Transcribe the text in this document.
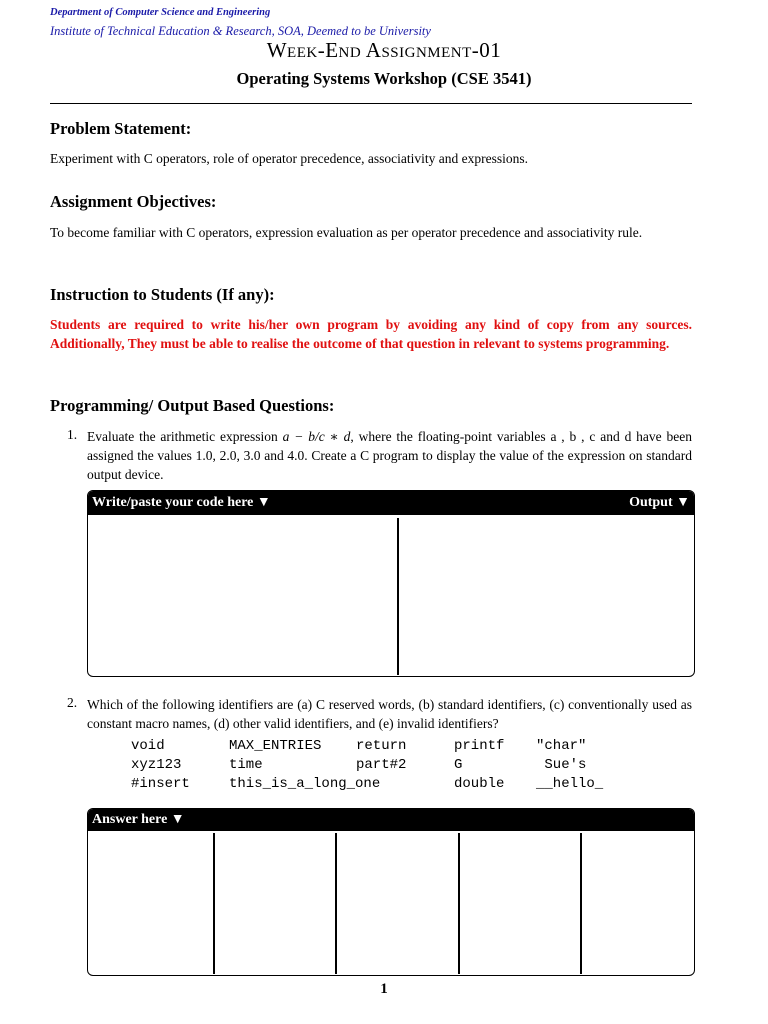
Department of Computer Science and Engineering
Institute of Technical Education & Research, SOA, Deemed to be University
Week-End Assignment-01
Operating Systems Workshop (CSE 3541)
Problem Statement:

Experiment with C operators, role of operator precedence, associativity and expressions.

Assignment Objectives:

To become familiar with C operators, expression evaluation as per operator precedence and associativity rule.

Instruction to Students (If any):

Students are required to write his/her own program by avoiding any kind of copy from any sources. Additionally, They must be able to realise the outcome of that question in relevant to systems programming.

Programming/ Output Based Questions:
1. Evaluate the arithmetic expression a − b/c ∗ d, where the floating-point variables a , b , c and d have been assigned the values 1.0, 2.0, 3.0 and 4.0. Create a C program to display the value of the expression on standard output device.

Write/paste your code here ▼	Output ▼
2. Which of the following identifiers are (a) C reserved words, (b) standard identifiers, (c) conventionally used as constant macro names, (d) other valid identifiers, and (e) invalid identifiers?

void	MAX_ENTRIES	return	printf	"char"
xyz123	time	part#2	G	Sue's
#insert	this_is_a_long_one	double	__hello_
Answer here ▼
1
